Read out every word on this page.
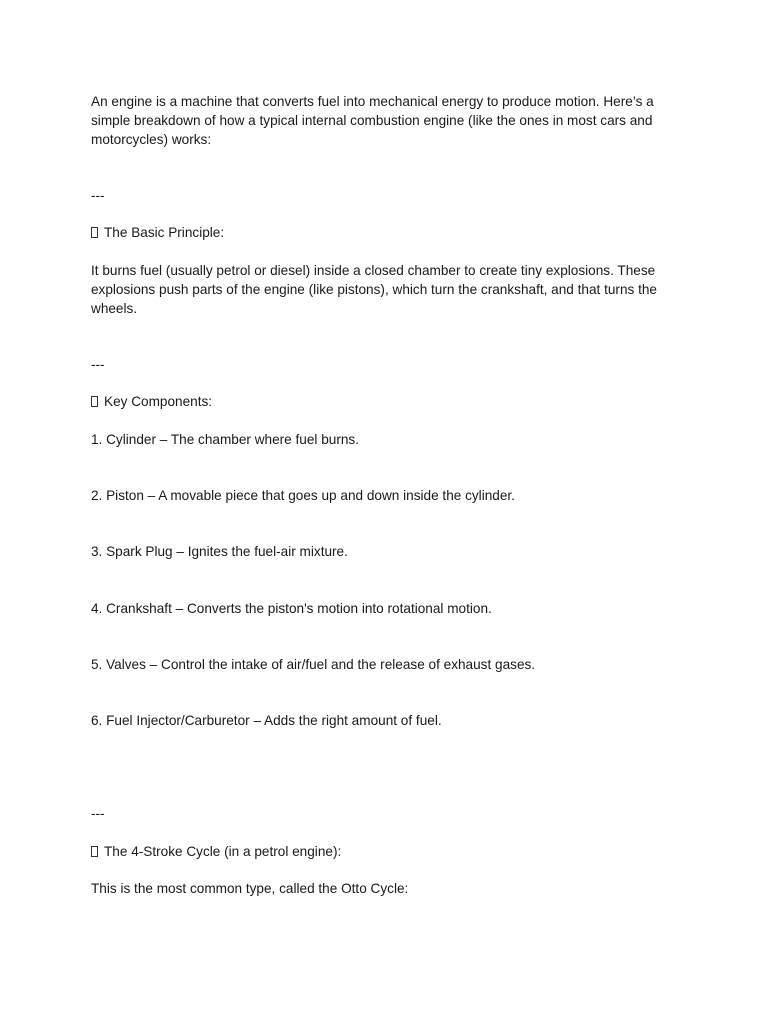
An engine is a machine that converts fuel into mechanical energy to produce motion. Here’s a simple breakdown of how a typical internal combustion engine (like the ones in most cars and motorcycles) works:

---

The Basic Principle:

It burns fuel (usually petrol or diesel) inside a closed chamber to create tiny explosions. These explosions push parts of the engine (like pistons), which turn the crankshaft, and that turns the wheels.

---

Key Components:

1. Cylinder – The chamber where fuel burns.

2. Piston – A movable piece that goes up and down inside the cylinder.

3. Spark Plug – Ignites the fuel-air mixture.

4. Crankshaft – Converts the piston's motion into rotational motion.

5. Valves – Control the intake of air/fuel and the release of exhaust gases.

6. Fuel Injector/Carburetor – Adds the right amount of fuel.

---

The 4-Stroke Cycle (in a petrol engine):

This is the most common type, called the Otto Cycle:
